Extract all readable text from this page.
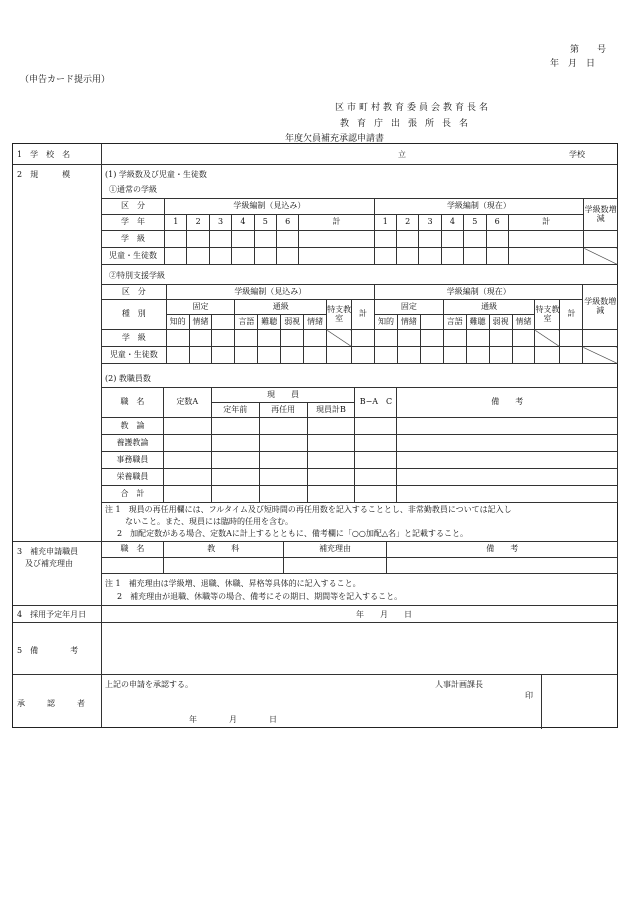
第　　号
年　月　日
（申告カード提示用）
区市町村教育委員会教育長名
教育庁出張所長名
年度欠員補充承認申請書
1　学　校　名	立	学校
2　規　　　模	(1) 学級数及び児童・生徒数
①通常の学級
区　分	学級編制（見込み）							学級編制（現在）							学級数増減
学　年	1	2	3	4	5	6	計	1	2	3	4	5	6	計	
学　級															
児童・生徒数															
②特別支援学級
区　分	学級編制（見込み）									学級編制（現在）									学級数増減
種　別	固定			通級				特支教室	計	固定			通級				特支教室	計	
	知的	情緒		言語	難聴	弱視	情緒			知的	情緒		言語	難聴	弱視	情緒			
学　級																			
児童・生徒数																			
(2) 教職員数
職　名	定数A	現　　員			B−A　C	備　　考
		定年前	再任用	現員計B		
教　論						
養護教論						
事務職員						
栄養職員						
合　計						
注 1　現員の再任用欄には、フルタイム及び短時間の再任用数を記入することとし、非常勤教員については記入し
ないこと。また、現員には臨時的任用を含む。
2　加配定数がある場合、定数Aに計上するとともに、備考欄に「○○加配△名」と記載すること。
3　補充申請職員
及び補充理由
職　名	教　　科	補充理由	備　　考

注 1　補充理由は学級増、退職、休職、昇格等具体的に記入すること。
2　補充理由が退職、休職等の場合、備考にその期日、期間等を記入すること。
4　採用予定年月日	年　　月　　日
5　備　　　　考
承　　認　　者
上記の申請を承認する。	人事計画課長
印
年　　　　月　　　　日
